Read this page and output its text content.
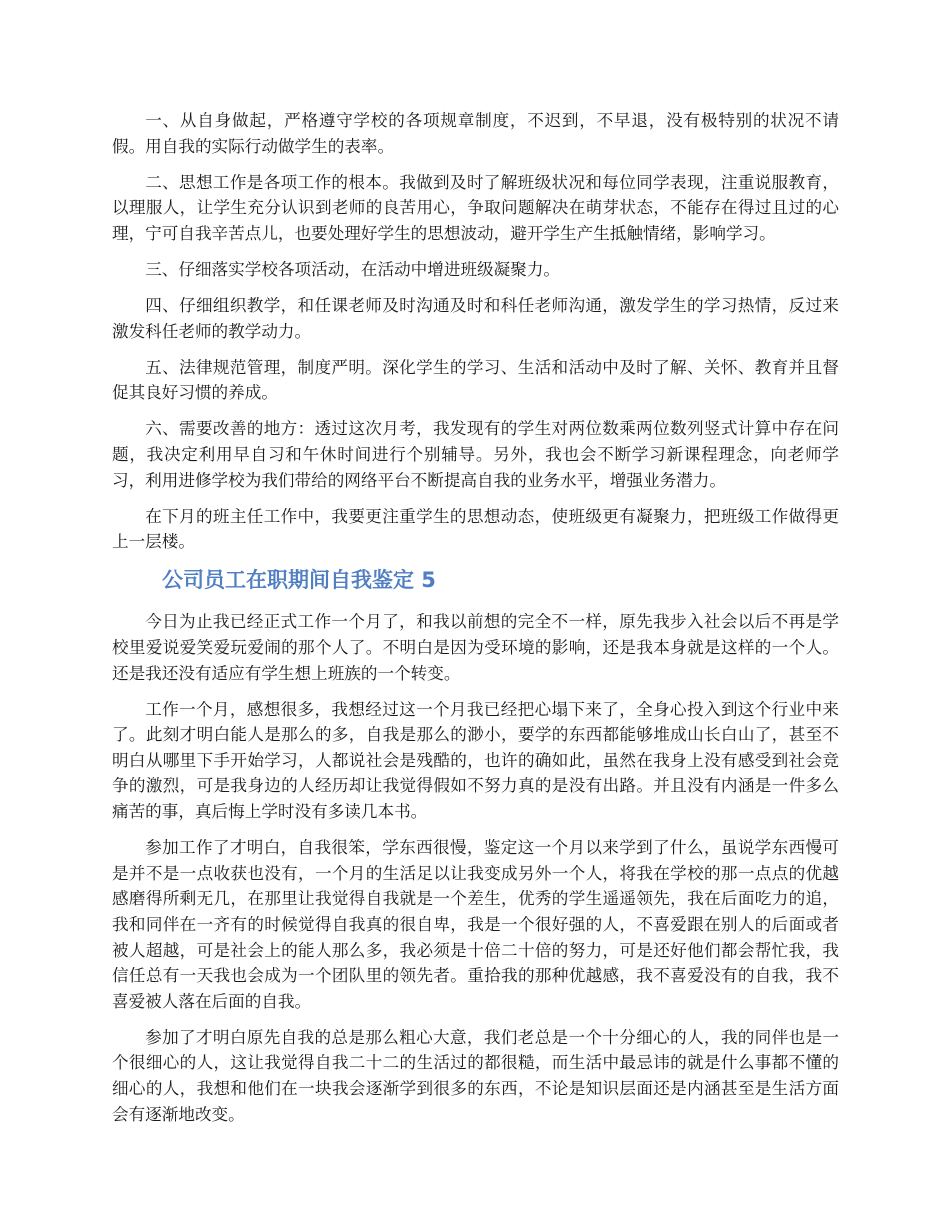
一、从自身做起，严格遵守学校的各项规章制度，不迟到，不早退，没有极特别的状况不请假。用自我的实际行动做学生的表率。

二、思想工作是各项工作的根本。我做到及时了解班级状况和每位同学表现，注重说服教育，以理服人，让学生充分认识到老师的良苦用心，争取问题解决在萌芽状态，不能存在得过且过的心理，宁可自我辛苦点儿，也要处理好学生的思想波动，避开学生产生抵触情绪，影响学习。

三、仔细落实学校各项活动，在活动中增进班级凝聚力。

四、仔细组织教学，和任课老师及时沟通及时和科任老师沟通，激发学生的学习热情，反过来激发科任老师的教学动力。

五、法律规范管理，制度严明。深化学生的学习、生活和活动中及时了解、关怀、教育并且督促其良好习惯的养成。

六、需要改善的地方：透过这次月考，我发现有的学生对两位数乘两位数列竖式计算中存在问题，我决定利用早自习和午休时间进行个别辅导。另外，我也会不断学习新课程理念，向老师学习，利用进修学校为我们带给的网络平台不断提高自我的业务水平，增强业务潜力。

在下月的班主任工作中，我要更注重学生的思想动态，使班级更有凝聚力，把班级工作做得更上一层楼。

公司员工在职期间自我鉴定 5

今日为止我已经正式工作一个月了，和我以前想的完全不一样，原先我步入社会以后不再是学校里爱说爱笑爱玩爱闹的那个人了。不明白是因为受环境的影响，还是我本身就是这样的一个人。还是我还没有适应有学生想上班族的一个转变。

工作一个月，感想很多，我想经过这一个月我已经把心塌下来了，全身心投入到这个行业中来了。此刻才明白能人是那么的多，自我是那么的渺小，要学的东西都能够堆成山长白山了，甚至不明白从哪里下手开始学习，人都说社会是残酷的，也许的确如此，虽然在我身上没有感受到社会竞争的激烈，可是我身边的人经历却让我觉得假如不努力真的是没有出路。并且没有内涵是一件多么痛苦的事，真后悔上学时没有多读几本书。

参加工作了才明白，自我很笨，学东西很慢，鉴定这一个月以来学到了什么，虽说学东西慢可是并不是一点收获也没有，一个月的生活足以让我变成另外一个人，将我在学校的那一点点的优越感磨得所剩无几，在那里让我觉得自我就是一个差生，优秀的学生遥遥领先，我在后面吃力的追，我和同伴在一齐有的时候觉得自我真的很自卑，我是一个很好强的人，不喜爱跟在别人的后面或者被人超越，可是社会上的能人那么多，我必须是十倍二十倍的努力，可是还好他们都会帮忙我，我信任总有一天我也会成为一个团队里的领先者。重拾我的那种优越感，我不喜爱没有的自我，我不喜爱被人落在后面的自我。

参加了才明白原先自我的总是那么粗心大意，我们老总是一个十分细心的人，我的同伴也是一个很细心的人，这让我觉得自我二十二的生活过的都很糙，而生活中最忌讳的就是什么事都不懂的细心的人，我想和他们在一块我会逐渐学到很多的东西，不论是知识层面还是内涵甚至是生活方面会有逐渐地改变。
